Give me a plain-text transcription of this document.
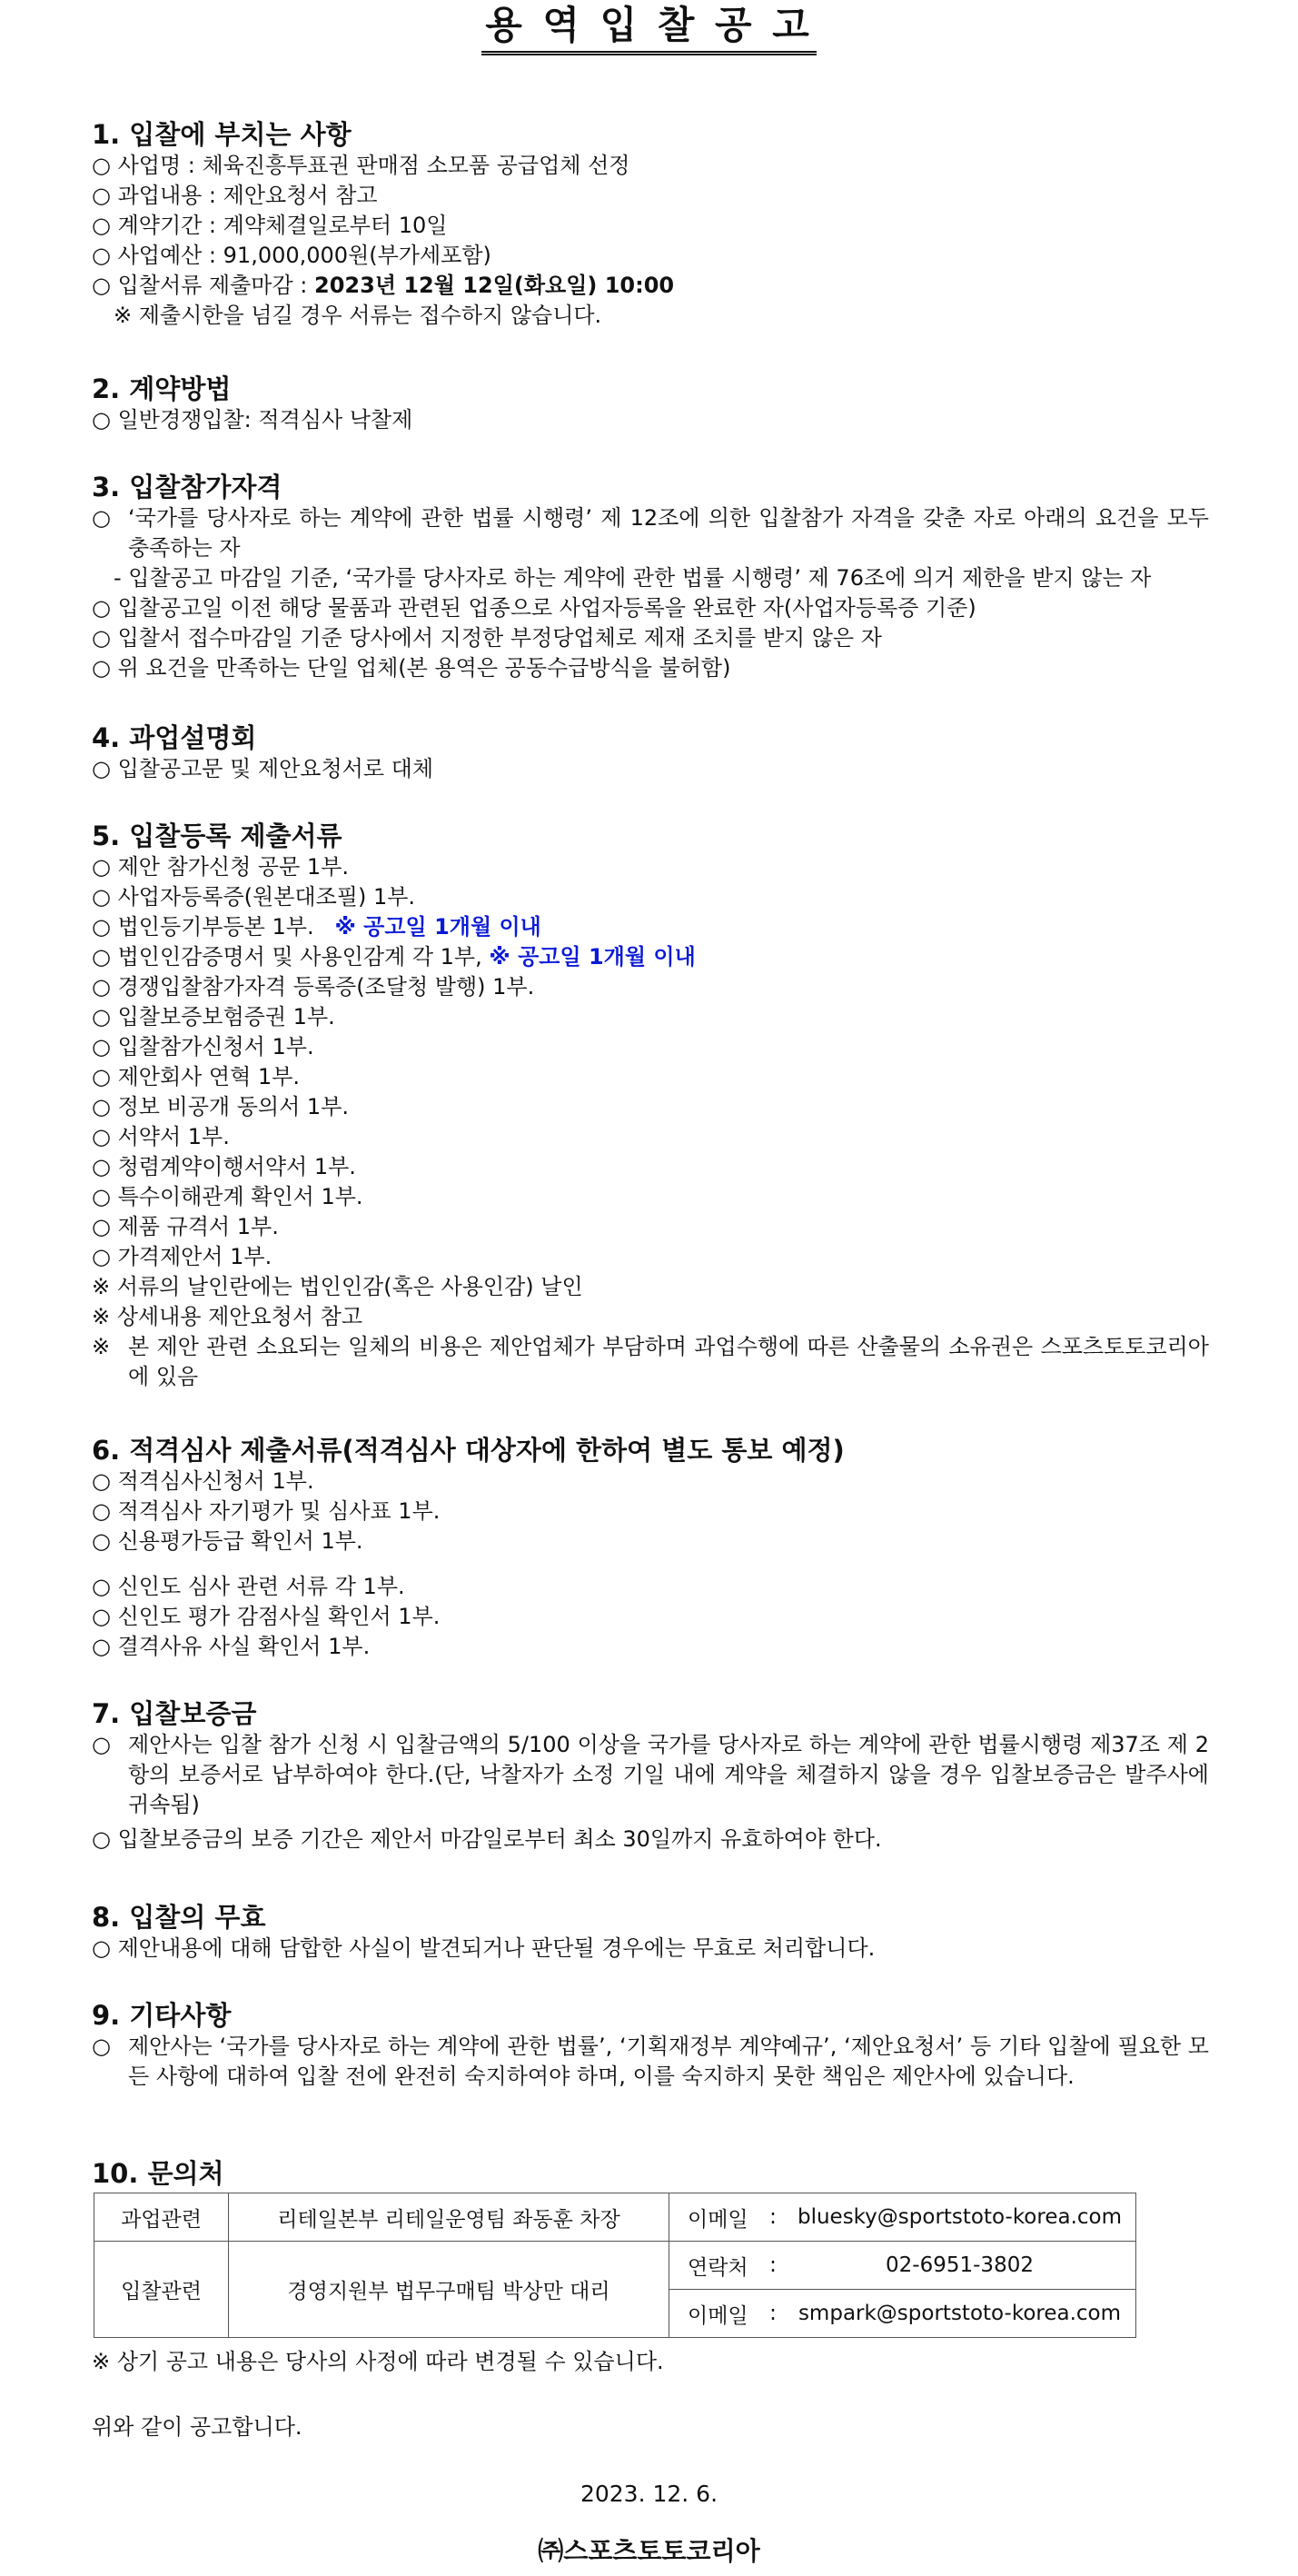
용 역 입 찰 공 고
1. 입찰에 부치는 사항
○ 사업명 : 체육진흥투표권 판매점 소모품 공급업체 선정
○ 과업내용 : 제안요청서 참고
○ 계약기간 : 계약체결일로부터 10일
○ 사업예산 : 91,000,000원(부가세포함)
○ 입찰서류 제출마감 : 2023년 12월 12일(화요일) 10:00
※ 제출시한을 넘길 경우 서류는 접수하지 않습니다.
2. 계약방법
○ 일반경쟁입찰: 적격심사 낙찰제
3. 입찰참가자격
○ ‘국가를 당사자로 하는 계약에 관한 법률 시행령’ 제 12조에 의한 입찰참가 자격을 갖춘 자로 아래의 요건을 모두 충족하는 자
- 입찰공고 마감일 기준, ‘국가를 당사자로 하는 계약에 관한 법률 시행령’ 제 76조에 의거 제한을 받지 않는 자
○ 입찰공고일 이전 해당 물품과 관련된 업종으로 사업자등록을 완료한 자(사업자등록증 기준)
○ 입찰서 접수마감일 기준 당사에서 지정한 부정당업체로 제재 조치를 받지 않은 자
○ 위 요건을 만족하는 단일 업체(본 용역은 공동수급방식을 불허함)
4. 과업설명회
○ 입찰공고문 및 제안요청서로 대체
5. 입찰등록 제출서류
○ 제안 참가신청 공문 1부.
○ 사업자등록증(원본대조필) 1부.
○ 법인등기부등본 1부. ※ 공고일 1개월 이내
○ 법인인감증명서 및 사용인감계 각 1부, ※ 공고일 1개월 이내
○ 경쟁입찰참가자격 등록증(조달청 발행) 1부.
○ 입찰보증보험증권 1부.
○ 입찰참가신청서 1부.
○ 제안회사 연혁 1부.
○ 정보 비공개 동의서 1부.
○ 서약서 1부.
○ 청렴계약이행서약서 1부.
○ 특수이해관계 확인서 1부.
○ 제품 규격서 1부.
○ 가격제안서 1부.
※ 서류의 날인란에는 법인인감(혹은 사용인감) 날인
※ 상세내용 제안요청서 참고
※ 본 제안 관련 소요되는 일체의 비용은 제안업체가 부담하며 과업수행에 따른 산출물의 소유권은 스포츠토토코리아에 있음
6. 적격심사 제출서류(적격심사 대상자에 한하여 별도 통보 예정)
○ 적격심사신청서 1부.
○ 적격심사 자기평가 및 심사표 1부.
○ 신용평가등급 확인서 1부.
○ 신인도 심사 관련 서류 각 1부.
○ 신인도 평가 감점사실 확인서 1부.
○ 결격사유 사실 확인서 1부.
7. 입찰보증금
○ 제안사는 입찰 참가 신청 시 입찰금액의 5/100 이상을 국가를 당사자로 하는 계약에 관한 법률시행령 제37조 제 2항의 보증서로 납부하여야 한다.(단, 낙찰자가 소정 기일 내에 계약을 체결하지 않을 경우 입찰보증금은 발주사에 귀속됨)
○ 입찰보증금의 보증 기간은 제안서 마감일로부터 최소 30일까지 유효하여야 한다.
8. 입찰의 무효
○ 제안내용에 대해 담합한 사실이 발견되거나 판단될 경우에는 무효로 처리합니다.
9. 기타사항
○ 제안사는 ‘국가를 당사자로 하는 계약에 관한 법률’, ‘기획재정부 계약예규’, ‘제안요청서’ 등 기타 입찰에 필요한 모든 사항에 대하여 입찰 전에 완전히 숙지하여야 하며, 이를 숙지하지 못한 책임은 제안사에 있습니다.
10. 문의처
과업관련	리테일본부 리테일운영팀 좌동훈 차장	이메일 : bluesky@sportstoto-korea.com

입찰관련	경영지원부 법무구매팀 박상만 대리	연락처 : 02-6951-3802

		이메일 : smpark@sportstoto-korea.com
※ 상기 공고 내용은 당사의 사정에 따라 변경될 수 있습니다.
위와 같이 공고합니다.
2023. 12. 6.
㈜스포츠토토코리아
